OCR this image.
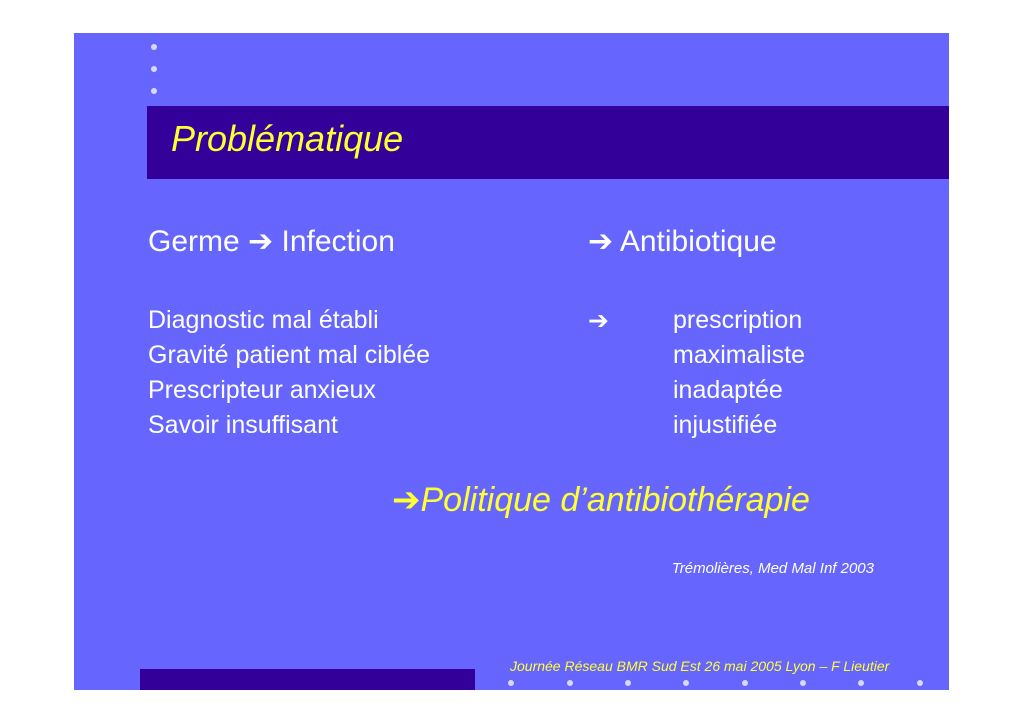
Problématique
Germe ➔ Infection	➔ Antibiotique
Diagnostic mal établi
Gravité patient mal ciblée
Prescripteur anxieux
Savoir insuffisant
➔	prescription
maximaliste
inadaptée
injustifiée
➔Politique d’antibiothérapie
Trémolières, Med Mal Inf 2003
Journée Réseau BMR Sud Est 26 mai 2005 Lyon – F Lieutier
